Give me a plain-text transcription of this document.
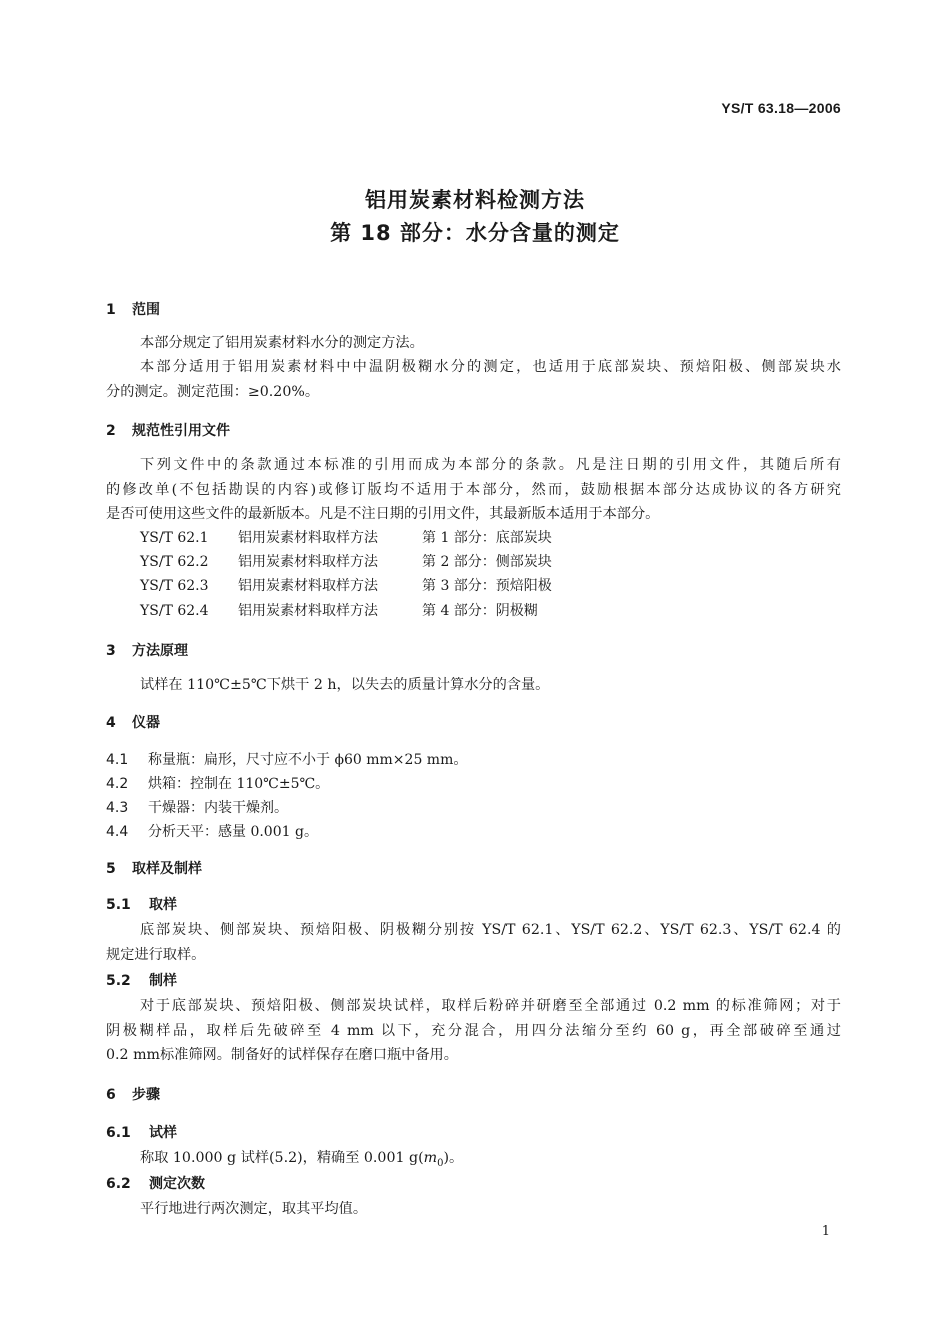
YS/T 63.18—2006
铝用炭素材料检测方法
第 18 部分：水分含量的测定
1 范围
本部分规定了铝用炭素材料水分的测定方法。
本部分适用于铝用炭素材料中中温阴极糊水分的测定，也适用于底部炭块、预焙阳极、侧部炭块水
分的测定。测定范围：≥0.20%。
2 规范性引用文件
下列文件中的条款通过本标准的引用而成为本部分的条款。凡是注日期的引用文件，其随后所有
的修改单(不包括勘误的内容)或修订版均不适用于本部分，然而，鼓励根据本部分达成协议的各方研究
是否可使用这些文件的最新版本。凡是不注日期的引用文件，其最新版本适用于本部分。
YS/T 62.1 铝用炭素材料取样方法	第 1 部分：底部炭块
YS/T 62.2 铝用炭素材料取样方法	第 2 部分：侧部炭块
YS/T 62.3 铝用炭素材料取样方法	第 3 部分：预焙阳极
YS/T 62.4 铝用炭素材料取样方法	第 4 部分：阴极糊
3 方法原理
试样在 110℃±5℃下烘干 2 h，以失去的质量计算水分的含量。
4 仪器
4.1 称量瓶：扁形，尺寸应不小于 ϕ60 mm×25 mm。
4.2 烘箱：控制在 110℃±5℃。
4.3 干燥器：内装干燥剂。
4.4 分析天平：感量 0.001 g。
5 取样及制样
5.1 取样
底部炭块、侧部炭块、预焙阳极、阴极糊分别按 YS/T 62.1、YS/T 62.2、YS/T 62.3、YS/T 62.4 的
规定进行取样。
5.2 制样
对于底部炭块、预焙阳极、侧部炭块试样，取样后粉碎并研磨至全部通过 0.2 mm 的标准筛网；对于
阴极糊样品，取样后先破碎至 4 mm 以下，充分混合，用四分法缩分至约 60 g，再全部破碎至通过
0.2 mm标准筛网。制备好的试样保存在磨口瓶中备用。
6 步骤
6.1 试样
称取 10.000 g 试样(5.2)，精确至 0.001 $g(m_0)$。
6.2 测定次数
平行地进行两次测定，取其平均值。
1
